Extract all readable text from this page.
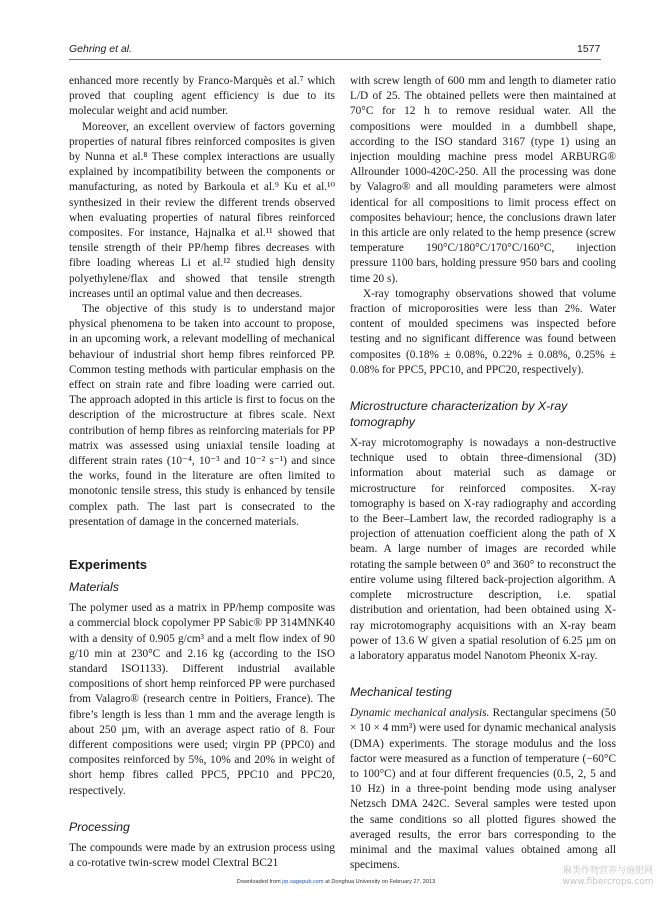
Gehring et al.	1577

enhanced more recently by Franco-Marquès et al.⁷ which proved that coupling agent efficiency is due to its molecular weight and acid number.

Moreover, an excellent overview of factors governing properties of natural fibres reinforced composites is given by Nunna et al.⁸ These complex interactions are usually explained by incompatibility between the components or manufacturing, as noted by Barkoula et al.⁹ Ku et al.¹⁰ synthesized in their review the different trends observed when evaluating properties of natural fibres reinforced composites. For instance, Hajnalka et al.¹¹ showed that tensile strength of their PP/hemp fibres decreases with fibre loading whereas Li et al.¹² studied high density polyethylene/flax and showed that tensile strength increases until an optimal value and then decreases.

The objective of this study is to understand major physical phenomena to be taken into account to propose, in an upcoming work, a relevant modelling of mechanical behaviour of industrial short hemp fibres reinforced PP. Common testing methods with particular emphasis on the effect on strain rate and fibre loading were carried out. The approach adopted in this article is first to focus on the description of the microstructure at fibres scale. Next contribution of hemp fibres as reinforcing materials for PP matrix was assessed using uniaxial tensile loading at different strain rates (10⁻⁴, 10⁻³ and 10⁻² s⁻¹) and since the works, found in the literature are often limited to monotonic tensile stress, this study is enhanced by tensile complex path. The last part is consecrated to the presentation of damage in the concerned materials.

Experiments
Materials

The polymer used as a matrix in PP/hemp composite was a commercial block copolymer PP Sabic® PP 314MNK40 with a density of 0.905 g/cm³ and a melt flow index of 90 g/10 min at 230°C and 2.16 kg (according to the ISO standard ISO1133). Different industrial available compositions of short hemp reinforced PP were purchased from Valagro® (research centre in Poitiers, France). The fibre’s length is less than 1 mm and the average length is about 250 µm, with an average aspect ratio of 8. Four different compositions were used; virgin PP (PPC0) and composites reinforced by 5%, 10% and 20% in weight of short hemp fibres called PPC5, PPC10 and PPC20, respectively.

Processing

The compounds were made by an extrusion process using a co-rotative twin-screw model Clextral BC21

with screw length of 600 mm and length to diameter ratio L/D of 25. The obtained pellets were then maintained at 70°C for 12 h to remove residual water. All the compositions were moulded in a dumbbell shape, according to the ISO standard 3167 (type 1) using an injection moulding machine press model ARBURG® Allrounder 1000-420C-250. All the processing was done by Valagro® and all moulding parameters were almost identical for all compositions to limit process effect on composites behaviour; hence, the conclusions drawn later in this article are only related to the hemp presence (screw temperature 190°C/180°C/170°C/160°C, injection pressure 1100 bars, holding pressure 950 bars and cooling time 20 s).

X-ray tomography observations showed that volume fraction of microporosities were less than 2%. Water content of moulded specimens was inspected before testing and no significant difference was found between composites (0.18% ± 0.08%, 0.22% ± 0.08%, 0.25% ± 0.08% for PPC5, PPC10, and PPC20, respectively).

Microstructure characterization by X-ray tomography

X-ray microtomography is nowadays a non-destructive technique used to obtain three-dimensional (3D) information about material such as damage or microstructure for reinforced composites. X-ray tomography is based on X-ray radiography and according to the Beer–Lambert law, the recorded radiography is a projection of attenuation coefficient along the path of X beam. A large number of images are recorded while rotating the sample between 0° and 360° to reconstruct the entire volume using filtered back-projection algorithm. A complete microstructure description, i.e. spatial distribution and orientation, had been obtained using X-ray microtomography acquisitions with an X-ray beam power of 13.6 W given a spatial resolution of 6.25 µm on a laboratory apparatus model Nanotom Pheonix X-ray.

Mechanical testing

Dynamic mechanical analysis. Rectangular specimens (50 × 10 × 4 mm³) were used for dynamic mechanical analysis (DMA) experiments. The storage modulus and the loss factor were measured as a function of temperature (−60°C to 100°C) and at four different frequencies (0.5, 2, 5 and 10 Hz) in a three-point bending mode using analyser Netzsch DMA 242C. Several samples were tested upon the same conditions so all plotted figures showed the averaged results, the error bars corresponding to the minimal and the maximal values obtained among all specimens.

Downloaded from jrp.sagepub.com at Donghua University on February 27, 2013
麻类作物营养与施肥网
www.fibercrops.com
